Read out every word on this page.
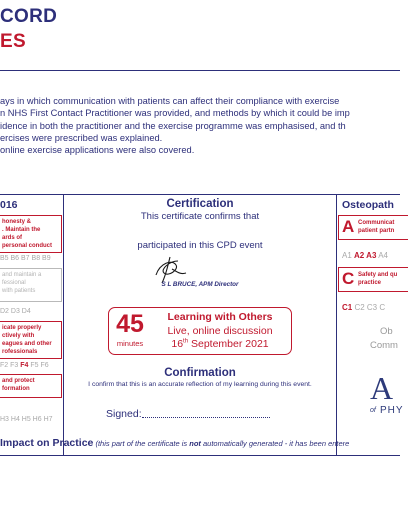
CORD
ES
ays in which communication with patients can affect their compliance with exercise
n NHS First Contact Practitioner was provided, and methods by which it could be imp
idence in both the practitioner and the exercise programme was emphasised, and th
ercises were prescribed was explained.
online exercise applications were also covered.
016
honesty &
. Maintain the
ards of
personal conduct
B5 B6 B7 B8 B9
and maintain a
fessional
with patients
D2 D3 D4
icate properly
ctively with
eagues and other
rofessionals
F2 F3 F4 F5 F6
and protect
formation
H3 H4 H5 H6 H7
Certification
This certificate confirms that
participated in this CPD event
S L BRUCE, APM Director
45
minutes
Learning with Others
Live, online discussion
16th September 2021
Confirmation
I confirm that this is an accurate reflection of my learning during this event.
Signed:
Osteopath
A Communicat
patient partn
A1 A2 A3 A4
C Safety and qu
practice
C1 C2 C3 C
Ob
Comm
A
of PHY
Impact on Practice (this part of the certificate is not automatically generated - it has been entere
